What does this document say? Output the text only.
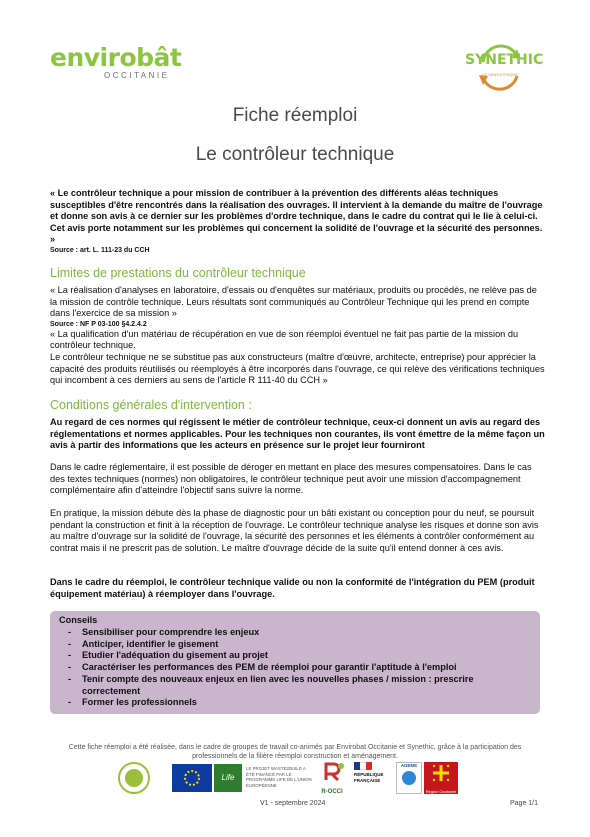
envirobât
OCCITANIE
SYNETHIC
LE SENS ETHIQUE
Fiche réemploi
Le contrôleur technique
« Le contrôleur technique a pour mission de contribuer à la prévention des différents aléas techniques susceptibles d'être rencontrés dans la réalisation des ouvrages. Il intervient à la demande du maître de l'ouvrage et donne son avis à ce dernier sur les problèmes d'ordre technique, dans le cadre du contrat qui le lie à celui-ci. Cet avis porte notamment sur les problèmes qui concernent la solidité de l'ouvrage et la sécurité des personnes. »
Source : art. L. 111-23 du CCH
Limites de prestations du contrôleur technique
« La réalisation d'analyses en laboratoire, d'essais ou d'enquêtes sur matériaux, produits ou procédés, ne relève pas de la mission de contrôle technique. Leurs résultats sont communiqués au Contrôleur Technique qui les prend en compte dans l'exercice de sa mission »
Source : NF P 03-100 §4.2.4.2
« La qualification d'un matériau de récupération en vue de son réemploi éventuel ne fait pas partie de la mission du contrôleur technique.
Le contrôleur technique ne se substitue pas aux constructeurs (maître d'œuvre, architecte, entreprise) pour apprécier la capacité des produits réutilisés ou réemployés à être incorporés dans l'ouvrage, ce qui relève des vérifications techniques qui incombent à ces derniers au sens de l'article R 111-40 du CCH »
Conditions générales d'intervention :
Au regard de ces normes qui régissent le métier de contrôleur technique, ceux-ci donnent un avis au regard des réglementations et normes applicables. Pour les techniques non courantes, ils vont émettre de la même façon un avis à partir des informations que les acteurs en présence sur le projet leur fourniront
Dans le cadre réglementaire, il est possible de déroger en mettant en place des mesures compensatoires. Dans le cas des textes techniques (normes) non obligatoires, le contrôleur technique peut avoir une mission d'accompagnement complémentaire afin d'atteindre l'objectif sans suivre la norme.
En pratique, la mission débute dès la phase de diagnostic pour un bâti existant ou conception pour du neuf, se poursuit pendant la construction et finit à la réception de l'ouvrage. Le contrôleur technique analyse les risques et donne son avis au maître d'ouvrage sur la solidité de l'ouvrage, la sécurité des personnes et les éléments à contrôler conformément au contrat mais il ne prescrit pas de solution. Le maître d'ouvrage décide de la suite qu'il entend donner à ces avis.
Dans le cadre du réemploi, le contrôleur technique valide ou non la conformité de l'intégration du PEM (produit équipement matériau) à réemployer dans l'ouvrage.
Conseils
- Sensibiliser pour comprendre les enjeux
- Anticiper, identifier le gisement
- Etudier l'adéquation du gisement au projet
- Caractériser les performances des PEM de réemploi pour garantir l'aptitude à l'emploi
- Tenir compte des nouveaux enjeux en lien avec les nouvelles phases / mission : prescrire correctement
- Former les professionnels
Cette fiche réemploi a été réalisée, dans le cadre de groupes de travail co-animés par Envirobat Occitanie et Synethic, grâce à la participation des professionnels de la filière réemploi construction et aménagement.
Life
LE PROJET WASTE2BUILD A ÉTÉ FINANCÉ PAR LE PROGRAMME LIFE DE L'UNION EUROPÉENNE
R-OCCI
RÉPUBLIQUE FRANÇAISE
ADEME
Région Occitanie
V1 - septembre 2024	Page 1/1
